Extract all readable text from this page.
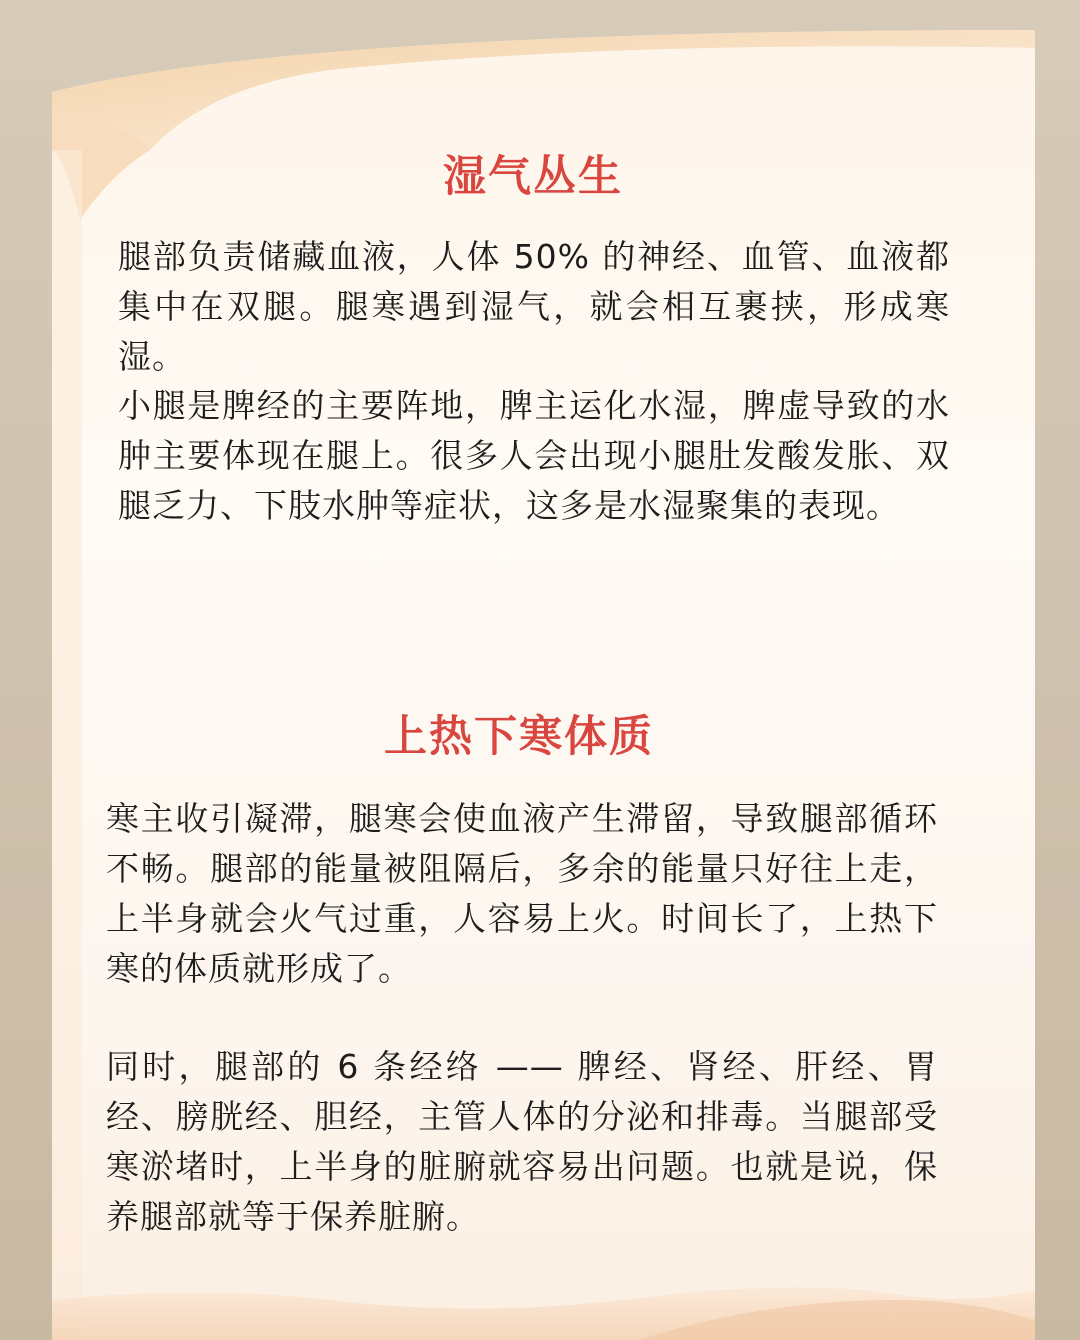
湿气丛生

腿部负责储藏血液，人体 50% 的神经、血管、血液都集中在双腿。腿寒遇到湿气，就会相互裹挟，形成寒湿。

小腿是脾经的主要阵地，脾主运化水湿，脾虚导致的水肿主要体现在腿上。很多人会出现小腿肚发酸发胀、双腿乏力、下肢水肿等症状，这多是水湿聚集的表现。

上热下寒体质

寒主收引凝滞，腿寒会使血液产生滞留，导致腿部循环不畅。腿部的能量被阻隔后，多余的能量只好往上走，上半身就会火气过重，人容易上火。时间长了，上热下寒的体质就形成了。

同时，腿部的 6 条经络 —— 脾经、肾经、肝经、胃经、膀胱经、胆经，主管人体的分泌和排毒。当腿部受寒淤堵时，上半身的脏腑就容易出问题。也就是说，保养腿部就等于保养脏腑。
